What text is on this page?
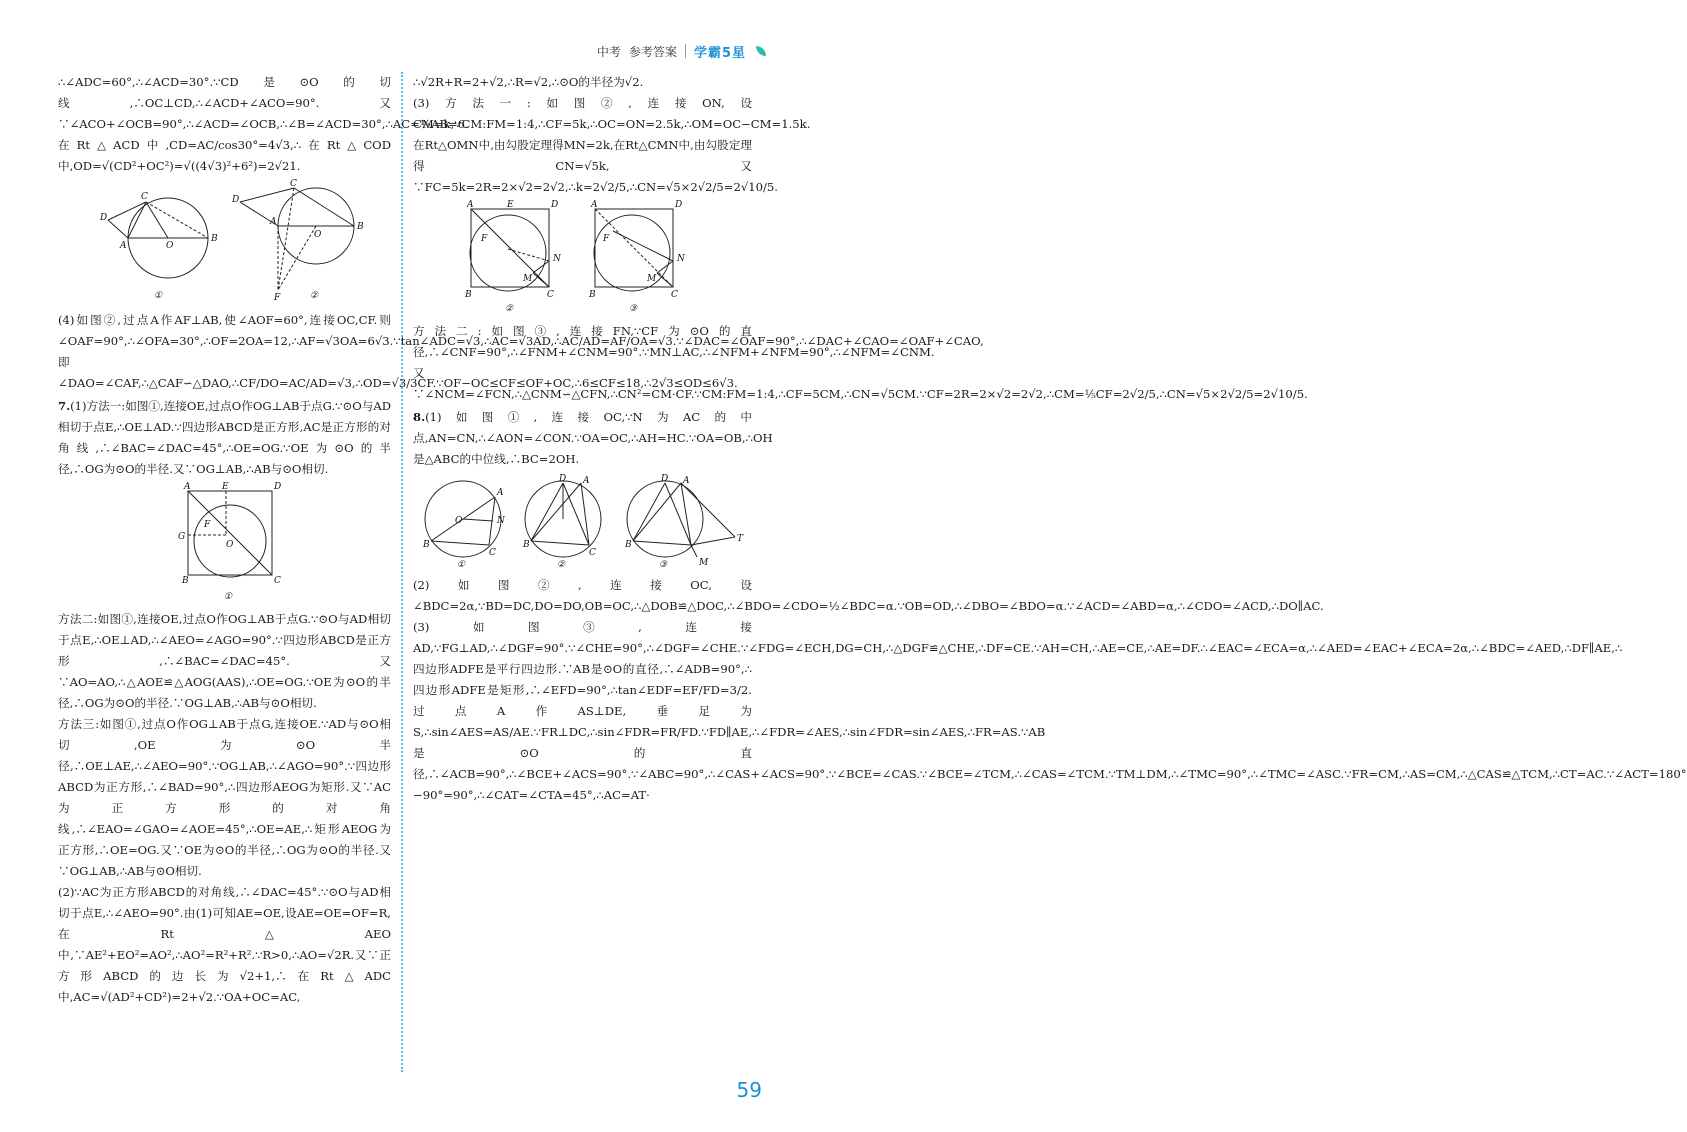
中考 参考答案 学霸5星

∴∠ADC=60°,∴∠ACD=30°.∵CD是⊙O的切线,∴OC⊥CD,∴∠ACD+∠ACO=90°.又∵∠ACO+∠OCB=90°,∴∠ACD=∠OCB,∴∠B=∠ACD=30°,∴AC=½AB=6.在Rt△ACD中,CD=AC/cos30°=4√3,∴在Rt△COD中,OD=√(CD²+OC²)=√((4√3)²+6²)=2√21.

D
C
A	O
B
①
D
C
A
O
B
F	②

(4)如图②,过点A作AF⊥AB,使∠AOF=60°,连接OC,CF.则∠OAF=90°,∴∠OFA=30°,∴OF=2OA=12,∴AF=√3OA=6√3.∵tan∠ADC=√3,∴AC=√3AD,∴AC/AD=AF/OA=√3.∵∠DAC=∠OAF=90°,∴∠DAC+∠CAO=∠OAF+∠CAO,即∠DAO=∠CAF,∴△CAF∽△DAO,∴CF/DO=AC/AD=√3,∴OD=√3/3CF.∵OF−OC≤CF≤OF+OC,∴6≤CF≤18,∴2√3≤OD≤6√3.

7.(1)方法一:如图①,连接OE,过点O作OG⊥AB于点G.∵⊙O与AD相切于点E,∴OE⊥AD.∵四边形ABCD是正方形,AC是正方形的对角线,∴∠BAC=∠DAC=45°,∴OE=OG.∵OE为⊙O的半径,∴OG为⊙O的半径.又∵OG⊥AB,∴AB与⊙O相切.

A	E	D
G
F
O
B	C
①

方法二:如图①,连接OE,过点O作OG⊥AB于点G.∵⊙O与AD相切于点E,∴OE⊥AD,∴∠AEO=∠AGO=90°.∵四边形ABCD是正方形,∴∠BAC=∠DAC=45°.又∵AO=AO,∴△AOE≌△AOG(AAS),∴OE=OG.∵OE为⊙O的半径,∴OG为⊙O的半径.∵OG⊥AB,∴AB与⊙O相切.

方法三:如图①,过点O作OG⊥AB于点G,连接OE.∵AD与⊙O相切,OE为⊙O半径,∴OE⊥AE,∴∠AEO=90°.∵OG⊥AB,∴∠AGO=90°.∵四边形ABCD为正方形,∴∠BAD=90°,∴四边形AEOG为矩形.又∵AC为正方形的对角线,∴∠EAO=∠GAO=∠AOE=45°,∴OE=AE,∴矩形AEOG为正方形,∴OE=OG.又∵OE为⊙O的半径,∴OG为⊙O的半径.又∵OG⊥AB,∴AB与⊙O相切.

(2)∵AC为正方形ABCD的对角线,∴∠DAC=45°.∵⊙O与AD相切于点E,∴∠AEO=90°.由(1)可知AE=OE,设AE=OE=OF=R,在Rt△AEO中,∵AE²+EO²=AO²,∴AO²=R²+R².∵R>0,∴AO=√2R.又∵正方形ABCD的边长为√2+1,∴在Rt△ADC中,AC=√(AD²+CD²)=2+√2.∵OA+OC=AC,

∴√2R+R=2+√2,∴R=√2,∴⊙O的半径为√2.

(3)方法一:如图②,连接ON,设CM=k,∵CM:FM=1:4,∴CF=5k,∴OC=ON=2.5k,∴OM=OC−CM=1.5k.在Rt△OMN中,由勾股定理得MN=2k,在Rt△CMN中,由勾股定理得CN=√5k,又∵FC=5k=2R=2×√2=2√2,∴k=2√2/5,∴CN=√5×2√2/5=2√10/5.

A	E	D
F
N
M
B	C
②
A	D
F
N
M
B	C
③

方法二:如图③,连接FN,∵CF为⊙O的直径,∴∠CNF=90°,∴∠FNM+∠CNM=90°.∵MN⊥AC,∴∠NFM+∠NFM=90°,∴∠NFM=∠CNM.又∵∠NCM=∠FCN,∴△CNM∽△CFN,∴CN²=CM·CF.∵CM:FM=1:4,∴CF=5CM,∴CN=√5CM.∵CF=2R=2×√2=2√2,∴CM=⅕CF=2√2/5,∴CN=√5×2√2/5=2√10/5.

8.(1)如图①,连接OC,∵N为AC的中点,AN=CN,∴∠AON=∠CON.∵OA=OC,∴AH=HC.∵OA=OB,∴OH是△ABC的中位线,∴BC=2OH.

A
O	N
B
C
①
D A
B
C
②
D A
B
T
M
③

(2)如图②,连接OC,设∠BDC=2α,∵BD=DC,DO=DO,OB=OC,∴△DOB≌△DOC,∴∠BDO=∠CDO=½∠BDC=α.∵OB=OD,∴∠DBO=∠BDO=α.∵∠ACD=∠ABD=α,∴∠CDO=∠ACD,∴DO∥AC.

(3)如图③,连接AD,∵FG⊥AD,∴∠DGF=90°.∵∠CHE=90°,∴∠DGF=∠CHE.∵∠FDG=∠ECH,DG=CH,∴△DGF≌△CHE,∴DF=CE.∵AH=CH,∴AE=CE,∴AE=DF.∴∠EAC=∠ECA=α,∴∠AED=∠EAC+∠ECA=2α,∴∠BDC=∠AED,∴DF∥AE,∴四边形ADFE是平行四边形.∵AB是⊙O的直径,∴∠ADB=90°,∴四边形ADFE是矩形,∴∠EFD=90°,∴tan∠EDF=EF/FD=3/2.过点A作AS⊥DE,垂足为S,∴sin∠AES=AS/AE.∵FR⊥DC,∴sin∠FDR=FR/FD.∵FD∥AE,∴∠FDR=∠AES,∴sin∠FDR=sin∠AES,∴FR=AS.∵AB是⊙O的直径,∴∠ACB=90°,∴∠BCE+∠ACS=90°.∵∠ABC=90°,∴∠CAS+∠ACS=90°.∵∠BCE=∠CAS.∵∠BCE=∠TCM,∴∠CAS=∠TCM.∵TM⊥DM,∴∠TMC=90°,∴∠TMC=∠ASC.∵FR=CM,∴AS=CM,∴△CAS≌△TCM,∴CT=AC.∵∠ACT=180°−90°=90°,∴∠CAT=∠CTA=45°,∴AC=AT·

59
